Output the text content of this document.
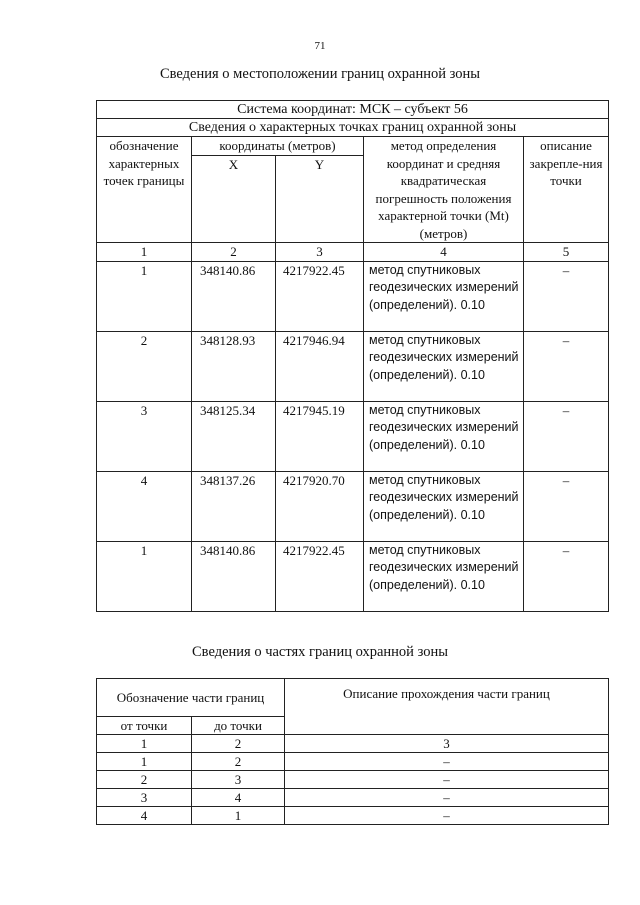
71
Сведения о местоположении границ охранной зоны
Система координат: МСК – субъект 56				
Сведения о характерных точках границ охранной зоны				
обозначение характерных точек границы	координаты (метров)		метод определения координат и средняя квадратическая погрешность положения характерной точки (Mt) (метров)	описание закрепле-ния точки
	X	Y		
1	2	3	4	5
1	348140.86	4217922.45	метод спутниковых геодезических измерений (определений). 0.10	–
2	348128.93	4217946.94	метод спутниковых геодезических измерений (определений). 0.10	–
3	348125.34	4217945.19	метод спутниковых геодезических измерений (определений). 0.10	–
4	348137.26	4217920.70	метод спутниковых геодезических измерений (определений). 0.10	–
1	348140.86	4217922.45	метод спутниковых геодезических измерений (определений). 0.10	–
Сведения о частях границ охранной зоны
Обозначение части границ		Описание прохождения части границ
от точки	до точки	
1	2	3
1	2	–
2	3	–
3	4	–
4	1	–
